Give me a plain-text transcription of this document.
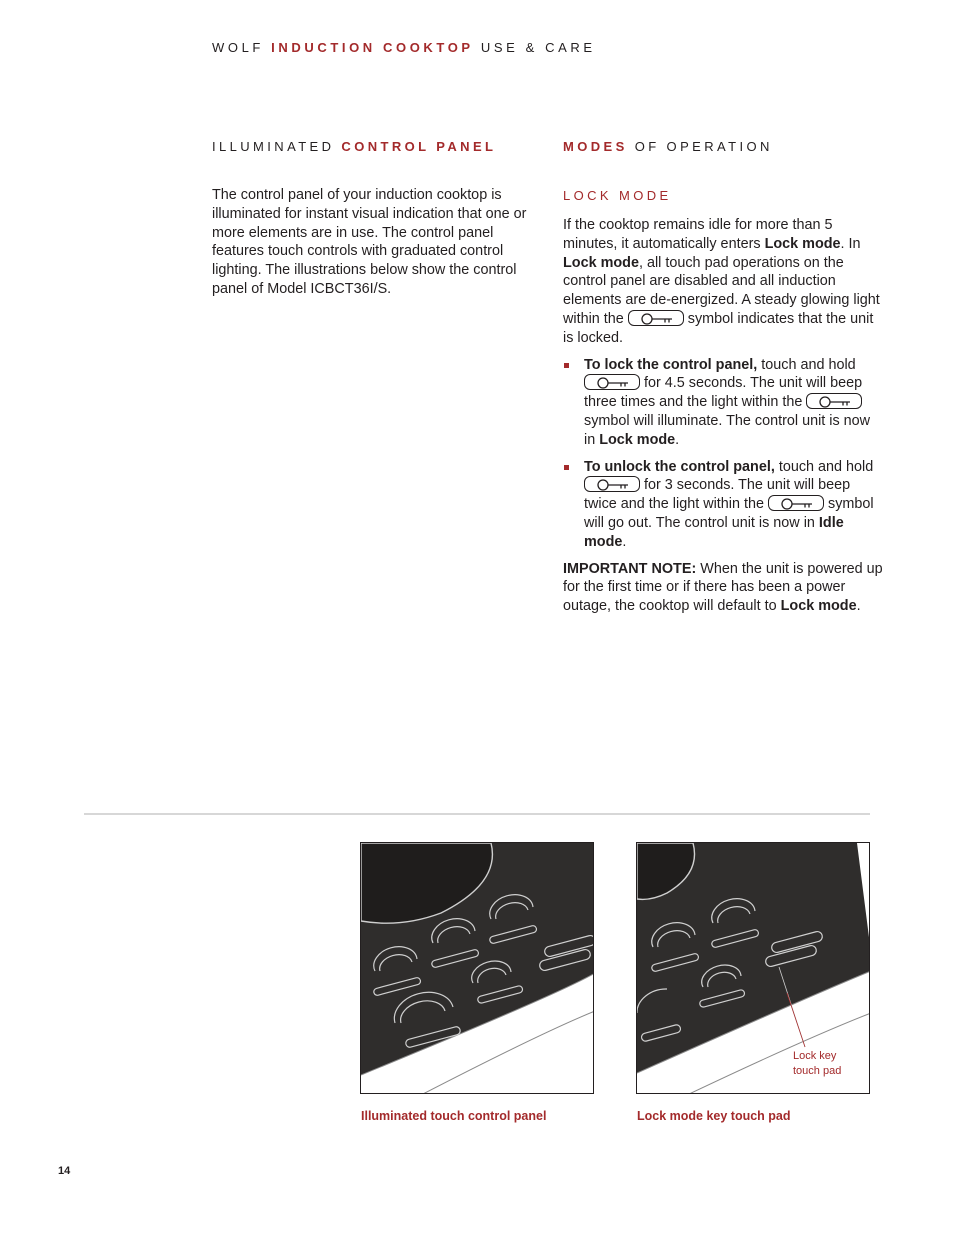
WOLF INDUCTION COOKTOP USE & CARE
ILLUMINATED CONTROL PANEL
The control panel of your induction cooktop is illuminated for instant visual indication that one or more elements are in use. The control panel features touch controls with graduated control lighting. The illustrations below show the control panel of Model ICBCT36I/S.
MODES OF OPERATION
LOCK MODE

If the cooktop remains idle for more than 5 minutes, it automatically enters Lock mode. In Lock mode, all touch pad operations on the control panel are disabled and all induction elements are de-energized. A steady glowing light within the	symbol indicates that the unit is locked.

To lock the control panel, touch and hold
for 4.5 seconds. The unit will beep three times and the light within the
symbol will illuminate. The control unit is now in Lock mode.
To unlock the control panel, touch and hold
for 3 seconds. The unit will beep twice and the light within the	symbol will go out. The control unit is now in Idle mode.

IMPORTANT NOTE: When the unit is powered up for the first time or if there has been a power outage, the cooktop will default to Lock mode.

Illuminated touch control panel
Lock key
touch pad
Lock mode key touch pad
14
